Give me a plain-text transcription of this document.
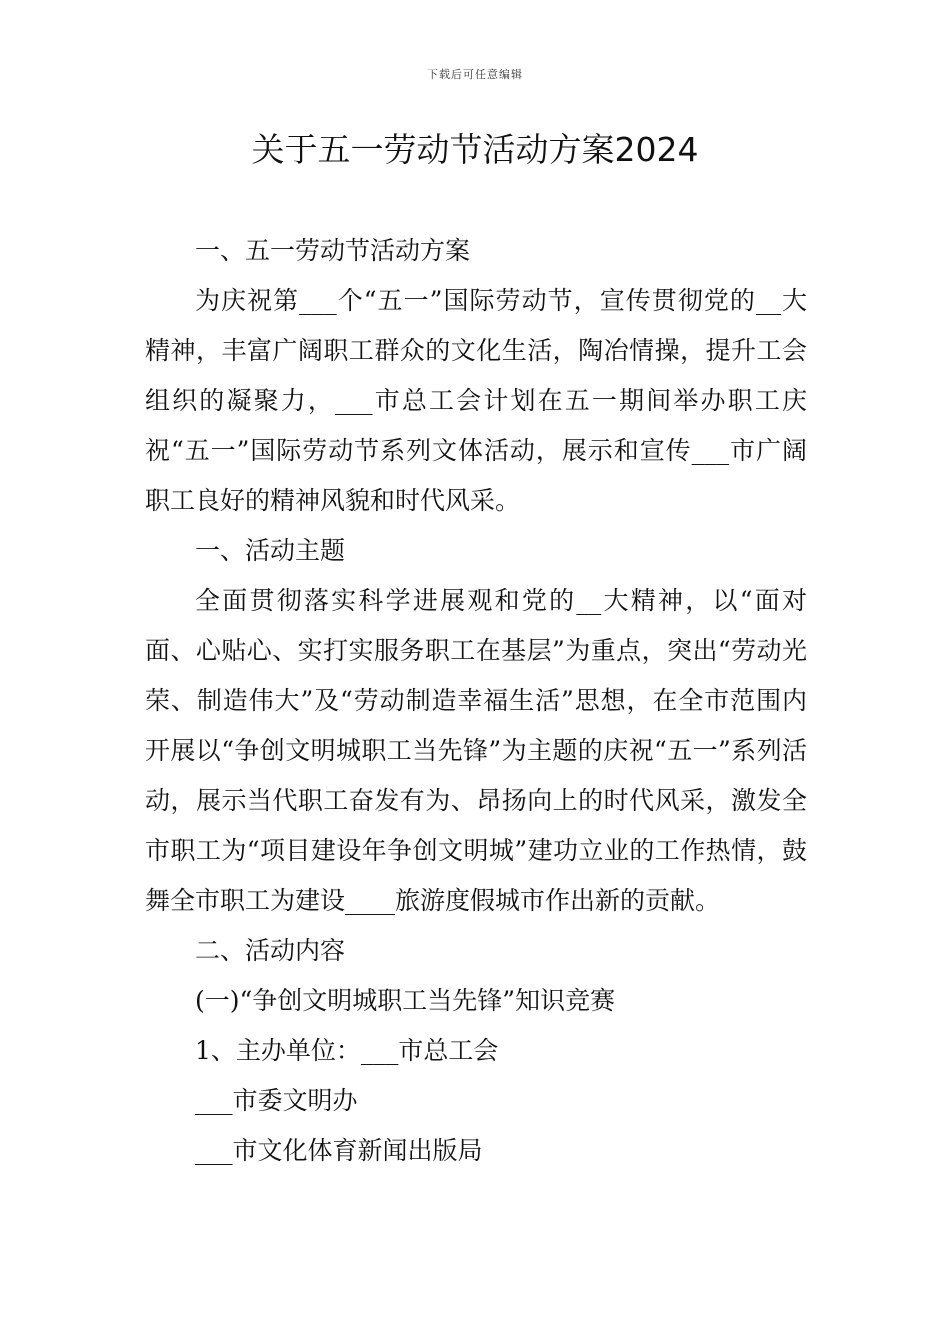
下载后可任意编辑
关于五一劳动节活动方案2024

一、五一劳动节活动方案

为庆祝第___个“五一”国际劳动节，宣传贯彻党的__大精神，丰富广阔职工群众的文化生活，陶冶情操，提升工会组织的凝聚力，___市总工会计划在五一期间举办职工庆祝“五一”国际劳动节系列文体活动，展示和宣传___市广阔职工良好的精神风貌和时代风采。

一、活动主题

全面贯彻落实科学进展观和党的__大精神，以“面对面、心贴心、实打实服务职工在基层”为重点，突出“劳动光荣、制造伟大”及“劳动制造幸福生活”思想，在全市范围内开展以“争创文明城职工当先锋”为主题的庆祝“五一”系列活动，展示当代职工奋发有为、昂扬向上的时代风采，激发全市职工为“项目建设年争创文明城”建功立业的工作热情，鼓舞全市职工为建设____旅游度假城市作出新的贡献。

二、活动内容

(一)“争创文明城职工当先锋”知识竞赛

1、主办单位：___市总工会

___市委文明办

___市文化体育新闻出版局
